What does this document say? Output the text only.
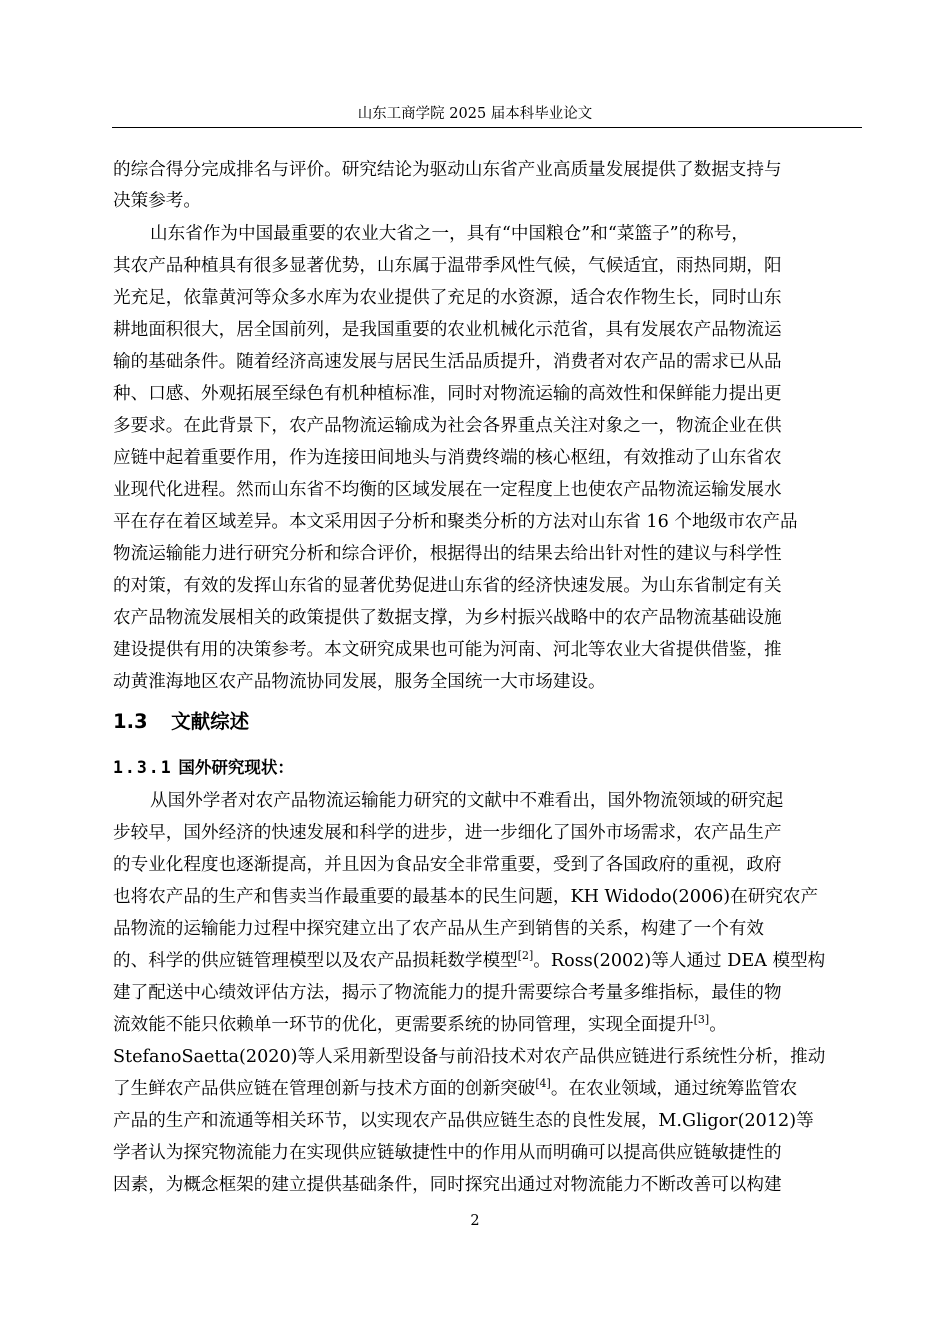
山东工商学院 2025 届本科毕业论文
的综合得分完成排名与评价。研究结论为驱动山东省产业高质量发展提供了数据支持与
决策参考。
山东省作为中国最重要的农业大省之一，具有“中国粮仓”和“菜篮子”的称号，
其农产品种植具有很多显著优势，山东属于温带季风性气候，气候适宜，雨热同期，阳
光充足，依靠黄河等众多水库为农业提供了充足的水资源，适合农作物生长，同时山东
耕地面积很大，居全国前列，是我国重要的农业机械化示范省，具有发展农产品物流运
输的基础条件。随着经济高速发展与居民生活品质提升，消费者对农产品的需求已从品
种、口感、外观拓展至绿色有机种植标准，同时对物流运输的高效性和保鲜能力提出更
多要求。在此背景下，农产品物流运输成为社会各界重点关注对象之一，物流企业在供
应链中起着重要作用，作为连接田间地头与消费终端的核心枢纽，有效推动了山东省农
业现代化进程。然而山东省不均衡的区域发展在一定程度上也使农产品物流运输发展水
平在存在着区域差异。本文采用因子分析和聚类分析的方法对山东省 16 个地级市农产品
物流运输能力进行研究分析和综合评价，根据得出的结果去给出针对性的建议与科学性
的对策，有效的发挥山东省的显著优势促进山东省的经济快速发展。为山东省制定有关
农产品物流发展相关的政策提供了数据支撑，为乡村振兴战略中的农产品物流基础设施
建设提供有用的决策参考。本文研究成果也可能为河南、河北等农业大省提供借鉴，推
动黄淮海地区农产品物流协同发展，服务全国统一大市场建设。
1.3 文献综述
1.3.1 国外研究现状：
从国外学者对农产品物流运输能力研究的文献中不难看出，国外物流领域的研究起
步较早，国外经济的快速发展和科学的进步，进一步细化了国外市场需求，农产品生产
的专业化程度也逐渐提高，并且因为食品安全非常重要，受到了各国政府的重视，政府
也将农产品的生产和售卖当作最重要的最基本的民生问题，KH Widodo(2006)在研究农产
品物流的运输能力过程中探究建立出了农产品从生产到销售的关系，构建了一个有效
的、科学的供应链管理模型以及农产品损耗数学模型[2]。Ross(2002)等人通过 DEA 模型构
建了配送中心绩效评估方法，揭示了物流能力的提升需要综合考量多维指标，最佳的物
流效能不能只依赖单一环节的优化，更需要系统的协同管理，实现全面提升[3]。
StefanoSaetta(2020)等人采用新型设备与前沿技术对农产品供应链进行系统性分析，推动
了生鲜农产品供应链在管理创新与技术方面的创新突破[4]。在农业领域，通过统筹监管农
产品的生产和流通等相关环节，以实现农产品供应链生态的良性发展，M.Gligor(2012)等
学者认为探究物流能力在实现供应链敏捷性中的作用从而明确可以提高供应链敏捷性的
因素，为概念框架的建立提供基础条件，同时探究出通过对物流能力不断改善可以构建
2
